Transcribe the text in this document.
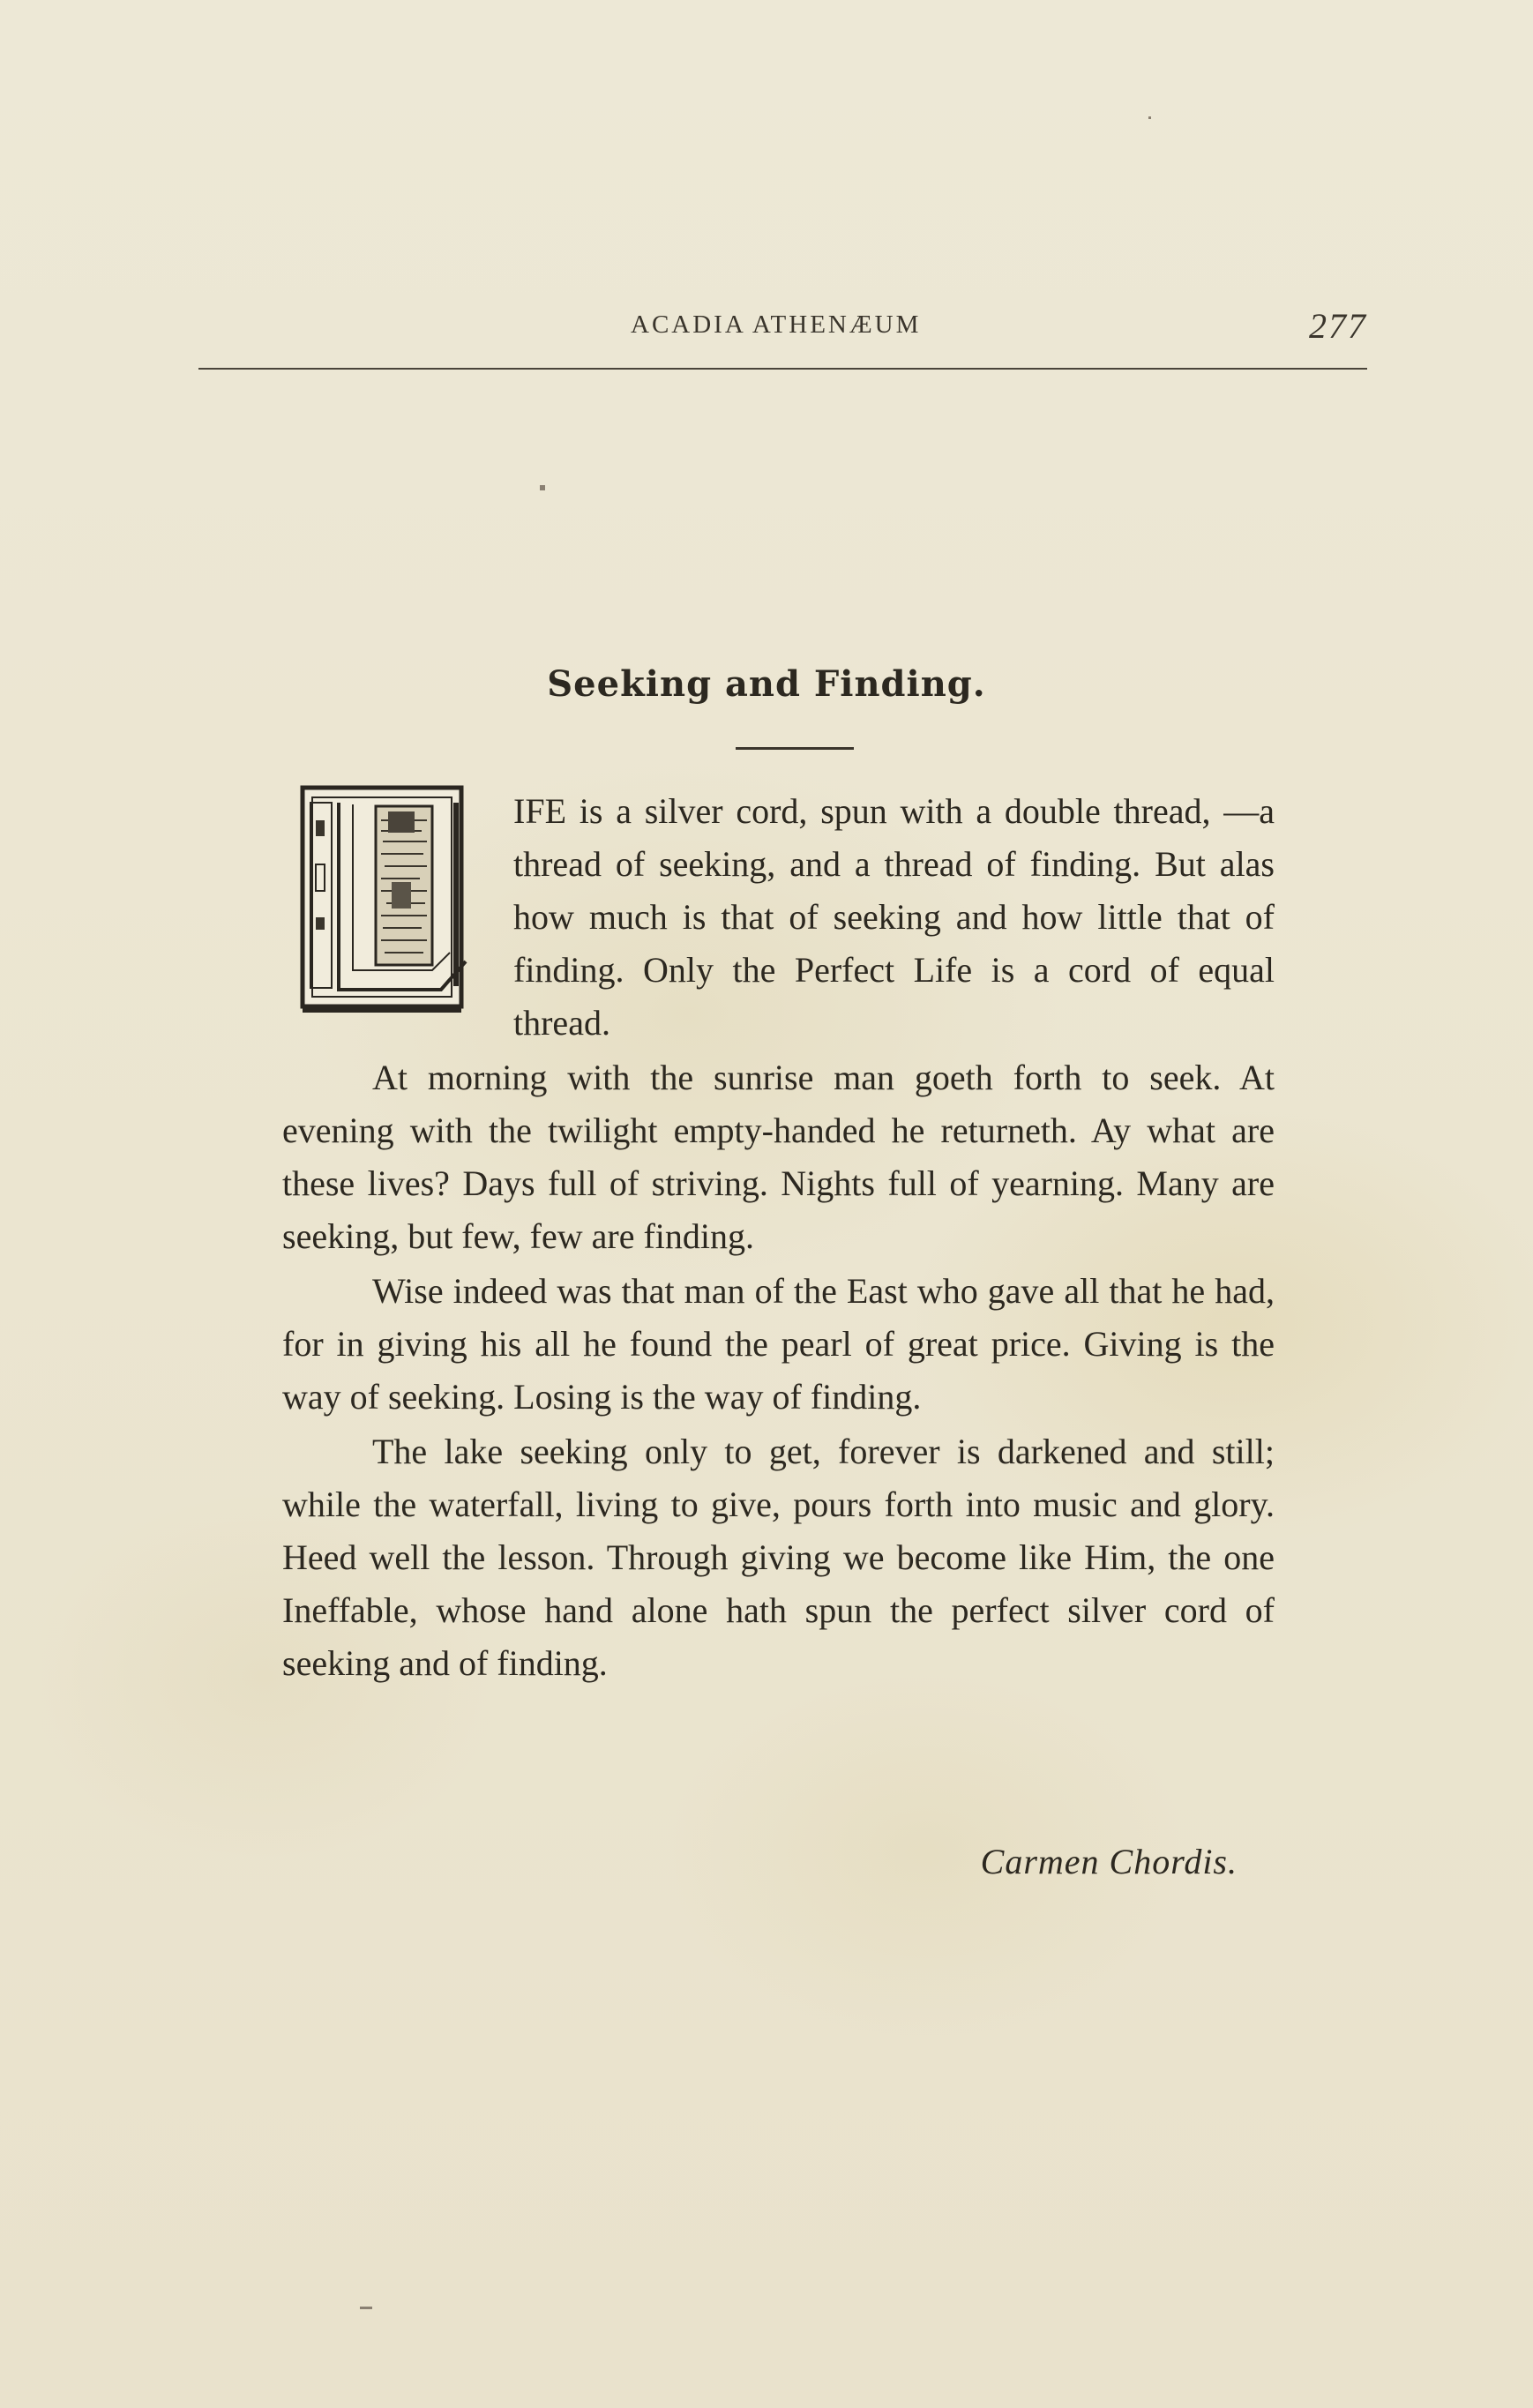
ACADIA ATHENÆUM	277
Seeking and Finding.

IFE is a silver cord, spun with a double thread, —a thread of seeking, and a thread of finding. But alas how much is that of seeking and how little that of finding. Only the Perfect Life is a cord of equal thread.

At morning with the sunrise man goeth forth to seek. At evening with the twilight empty-handed he returneth. Ay what are these lives? Days full of striving. Nights full of yearning. Many are seeking, but few, few are finding.

Wise indeed was that man of the East who gave all that he had, for in giving his all he found the pearl of great price. Giving is the way of seeking. Losing is the way of finding.

The lake seeking only to get, forever is darkened and still; while the waterfall, living to give, pours forth into music and glory. Heed well the lesson. Through giving we become like Him, the one Ineffable, whose hand alone hath spun the perfect silver cord of seeking and of finding.

Carmen Chordis.
